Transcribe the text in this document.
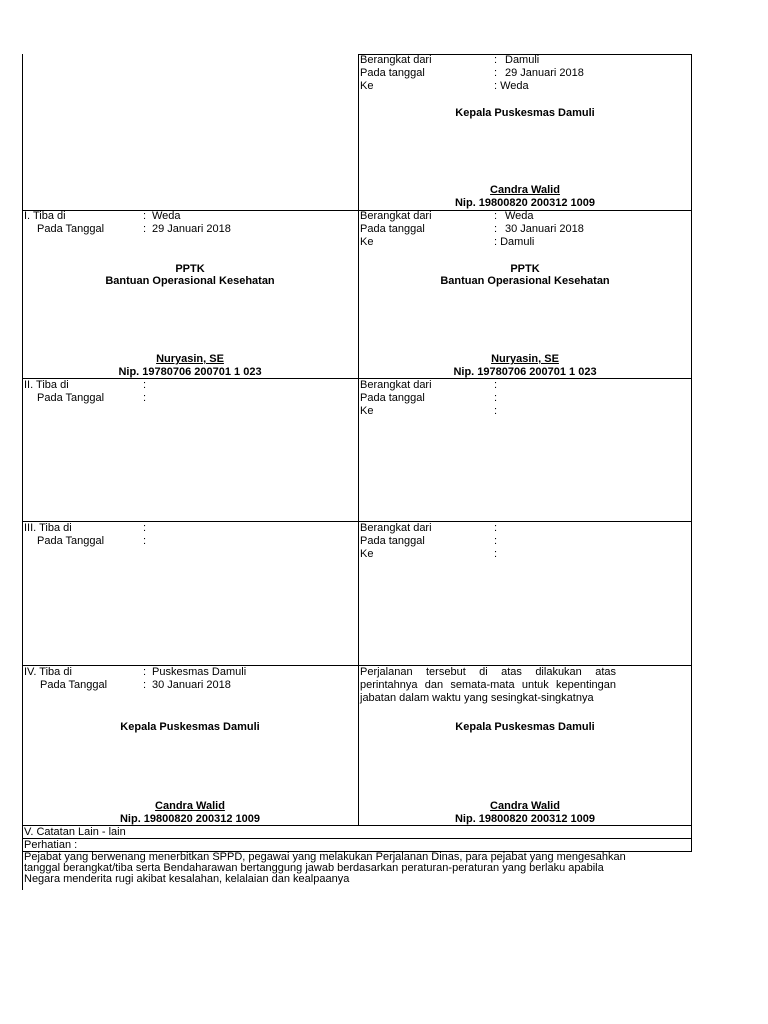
Berangkat dari	: Damuli
Pada tanggal	: 29 Januari 2018
Ke	: Weda
Kepala Puskesmas Damuli
Candra Walid
Nip. 19800820 200312 1009
I. Tiba di	: Weda
Pada Tanggal	: 29 Januari 2018
PPTK
Bantuan Operasional Kesehatan
Nuryasin, SE
Nip. 19780706 200701 1 023
Berangkat dari	: Weda
Pada tanggal	: 30 Januari 2018
Ke	: Damuli
PPTK
Bantuan Operasional Kesehatan
Nuryasin, SE
Nip. 19780706 200701 1 023
II. Tiba di	:
Pada Tanggal	:
Berangkat dari	:
Pada tanggal	:
Ke	:
III. Tiba di	:
Pada Tanggal	:
Berangkat dari	:
Pada tanggal	:
Ke	:
IV. Tiba di	: Puskesmas Damuli
Pada Tanggal	: 30 Januari 2018
Perjalanan tersebut di atas dilakukan atas
perintahnya dan semata-mata untuk kepentingan
jabatan dalam waktu yang sesingkat-singkatnya
Kepala Puskesmas Damuli
Candra Walid
Nip. 19800820 200312 1009
Kepala Puskesmas Damuli
Candra Walid
Nip. 19800820 200312 1009
V. Catatan Lain - lain
Perhatian :
Pejabat yang berwenang menerbitkan SPPD, pegawai yang melakukan Perjalanan Dinas, para pejabat yang mengesahkan
tanggal berangkat/tiba serta Bendaharawan bertanggung jawab berdasarkan peraturan-peraturan yang berlaku apabila
Negara menderita rugi akibat kesalahan, kelalaian dan kealpaanya
